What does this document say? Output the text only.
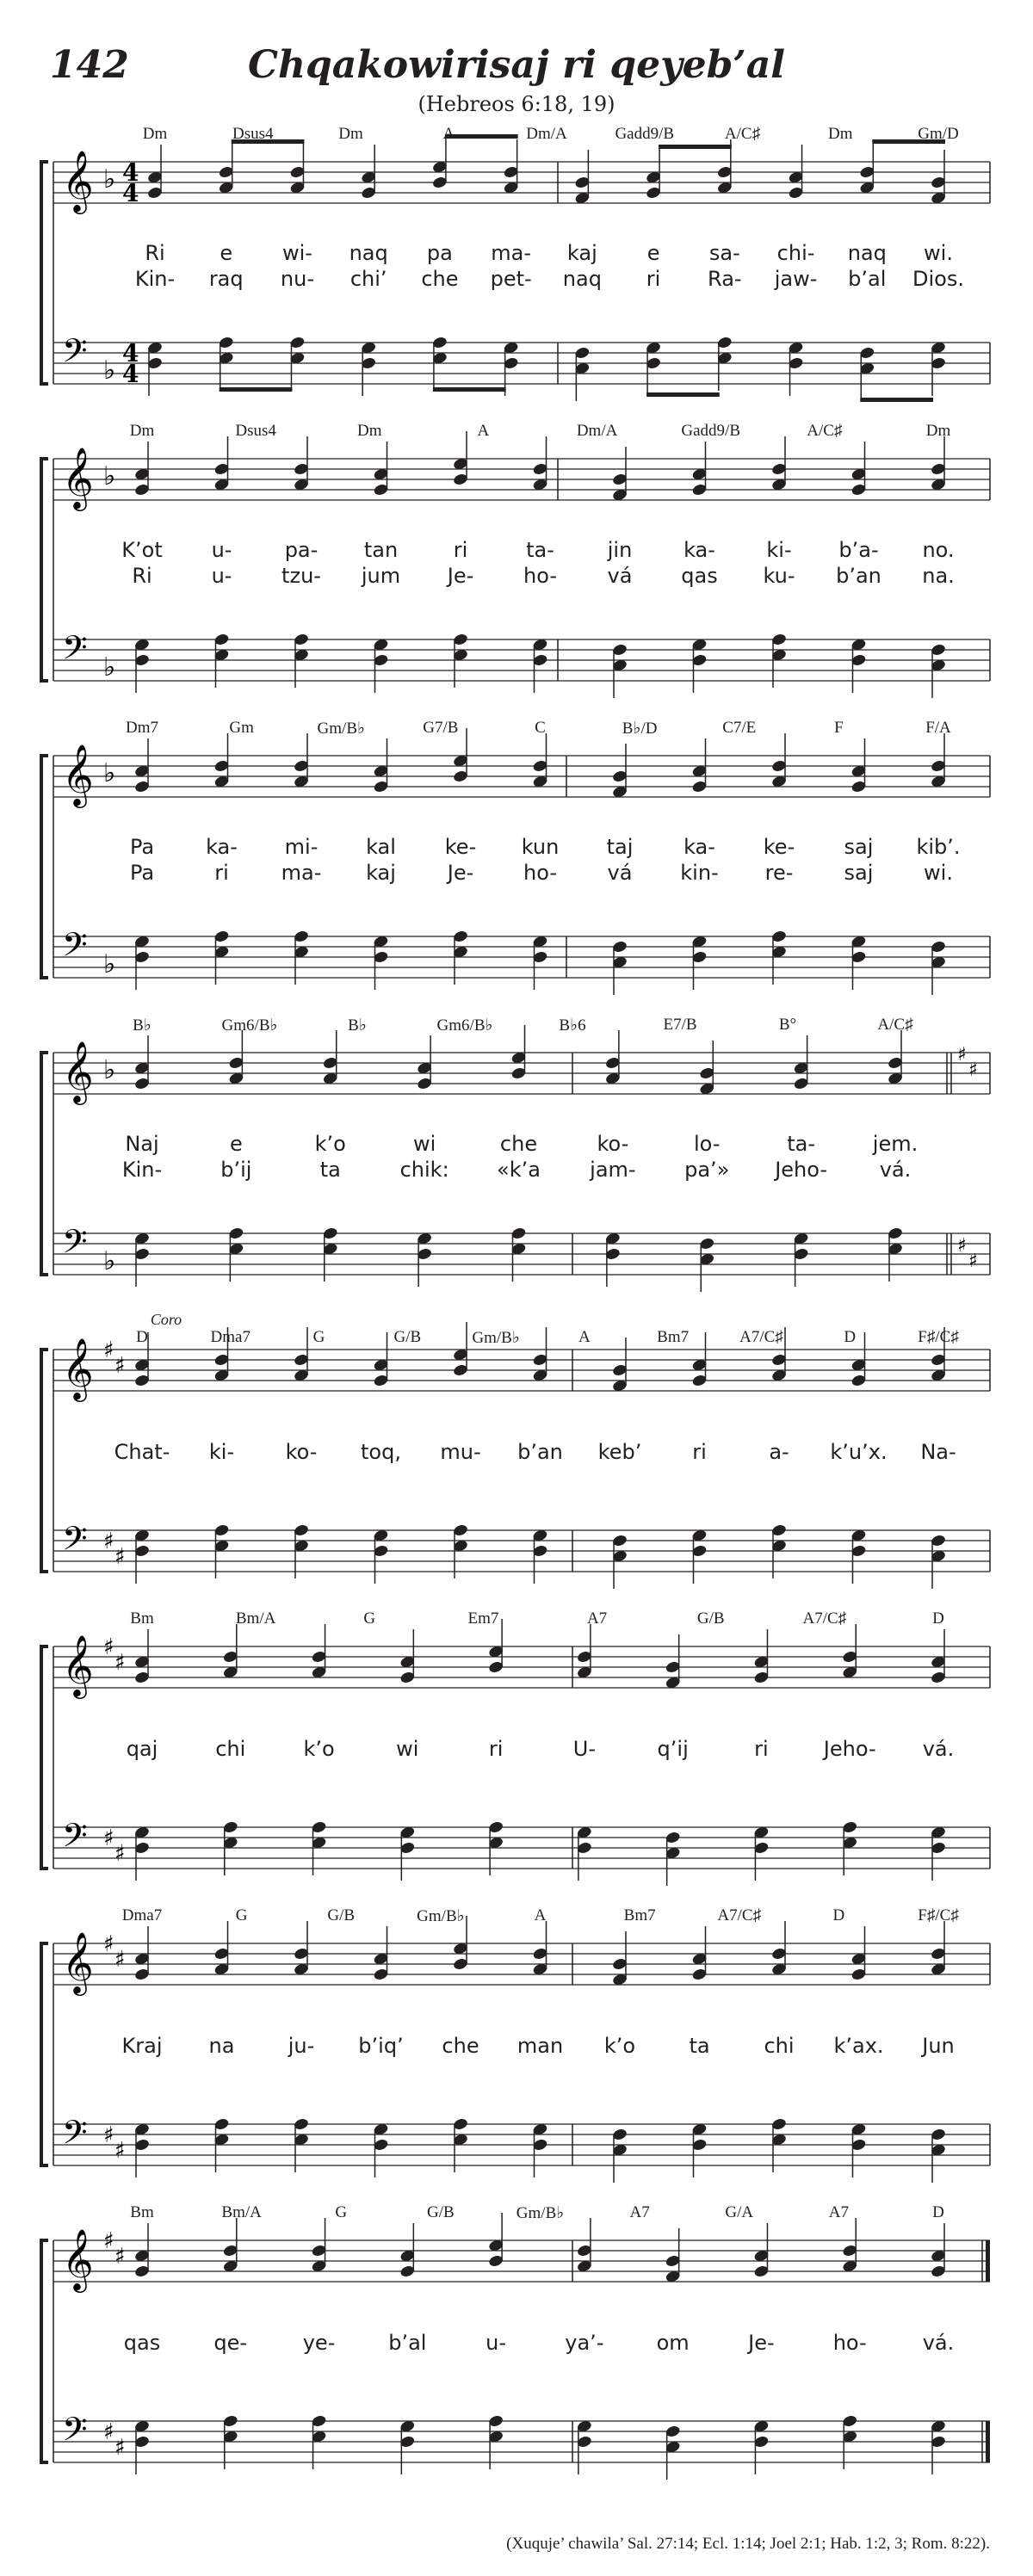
142	Chqakowirisaj ri qeyeb’al
(Hebreos 6:18, 19)
𝄞 ♭ 4
4
𝄢 ♭
4
4
Dm	Dsus4	Dm	A	Dm/A	Gadd9/B	A/C♯	Dm	Gm/D
Ri	e wi- naq pa ma- kaj e sa- chi- naq wi.
Kin- raq nu- chi’ che pet- naq ri Ra- jaw- b’al Dios.
𝄞 ♭
𝄢 ♭
Dm	Dsus4	Dm	A	Dm/A	Gadd9/B	A/C♯	Dm
K’ot u-	pa- tan	ri	ta-	jin ka- ki- b’a- no.
Ri	u- tzu- jum Je- ho- vá qas ku- b’an na.
𝄞 ♭
𝄢 ♭
Dm7	Gm	Gm/B♭	G7/B	C	B♭/D	C7/E	F	F/A
Pa	ka- mi- kal ke- kun taj ka- ke- saj kib’.
Pa	ri	ma- kaj Je- ho- vá kin- re- saj wi.
𝄞 ♭
♯
♯
𝄢 ♭
♯
♯
B♭	Gm6/B♭	B♭	Gm6/B♭	B♭6	E7/B	B°	A/C♯
Naj	e	k’o	wi	che	ko-	lo-	ta-	jem.
Kin-	b’ij	ta	chik: «k’a jam- pa’» Jeho-	vá.
𝄞 ♯
♯
𝄢 ♯
♯
Coro
D	Dma7	G	G/B	Gm/B♭	A	Bm7	A7/C♯	D	F♯/C♯
Chat- ki- ko- toq, mu- b’an keb’ ri	a- k’u’x. Na-
𝄞 ♯
♯
𝄢 ♯
♯
Bm	Bm/A	G	Em7	A7	G/B	A7/C♯	D
qaj	chi	k’o	wi	ri	U-	q’ij	ri	Jeho- vá.
𝄞 ♯
♯
𝄢 ♯
♯
Dma7	G	G/B	Gm/B♭	A	Bm7	A7/C♯	D	F♯/C♯
Kraj na	ju- b’iq’ che man k’o	ta	chi k’ax. Jun
𝄞 ♯
♯
𝄢 ♯
♯
Bm	Bm/A	G	G/B	Gm/B♭	A7	G/A	A7	D
qas	qe-	ye-	b’al	u-	ya’-	om	Je-	ho-	vá.
(Xuquje’ chawila’ Sal. 27:14; Ecl. 1:14; Joel 2:1; Hab. 1:2, 3; Rom. 8:22).
